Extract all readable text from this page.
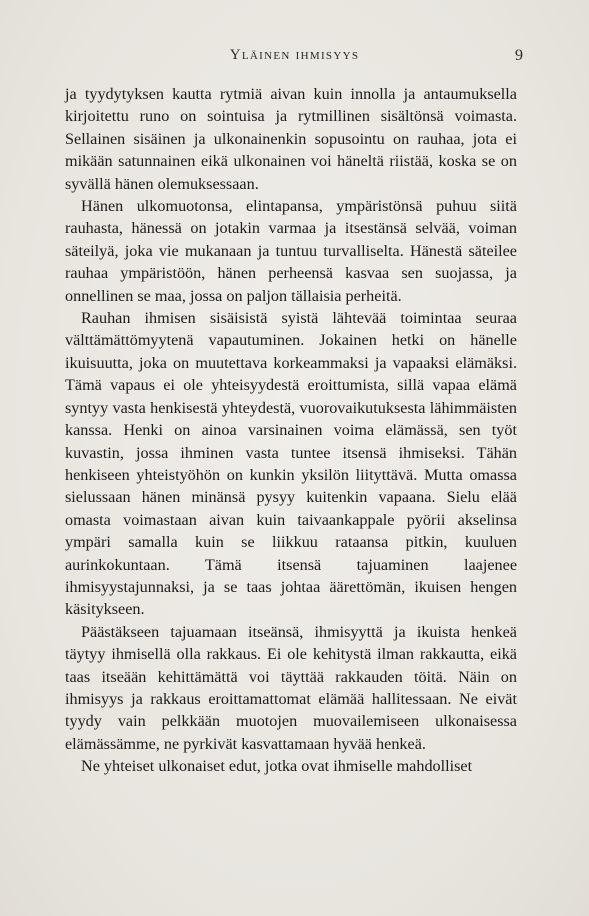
Yläinen ihmisyys	9

ja tyydytyksen kautta rytmiä aivan kuin innolla ja antaumuksella kirjoitettu runo on sointuisa ja rytmillinen sisältönsä voimasta. Sellainen sisäinen ja ulkonainenkin sopusointu on rauhaa, jota ei mikään satunnainen eikä ulkonainen voi häneltä riistää, koska se on syvällä hänen olemuksessaan.

Hänen ulkomuotonsa, elintapansa, ympäristönsä puhuu siitä rauhasta, hänessä on jotakin varmaa ja itsestänsä selvää, voiman säteilyä, joka vie mukanaan ja tuntuu turvalliselta. Hänestä säteilee rauhaa ympäristöön, hänen perheensä kasvaa sen suojassa, ja onnellinen se maa, jossa on paljon tällaisia perheitä.

Rauhan ihmisen sisäisistä syistä lähtevää toimintaa seuraa välttämättömyytenä vapautuminen. Jokainen hetki on hänelle ikuisuutta, joka on muutettava korkeammaksi ja vapaaksi elämäksi. Tämä vapaus ei ole yhteisyydestä eroittumista, sillä vapaa elämä syntyy vasta henkisestä yhteydestä, vuorovaikutuksesta lähimmäisten kanssa. Henki on ainoa varsinainen voima elämässä, sen työt kuvastin, jossa ihminen vasta tuntee itsensä ihmiseksi. Tähän henkiseen yhteistyöhön on kunkin yksilön liityttävä. Mutta omassa sielussaan hänen minänsä pysyy kuitenkin vapaana. Sielu elää omasta voimastaan aivan kuin taivaankappale pyörii akselinsa ympäri samalla kuin se liikkuu rataansa pitkin, kuuluen aurinkokuntaan. Tämä itsensä tajuaminen laajenee ihmisyystajunnaksi, ja se taas johtaa äärettömän, ikuisen hengen käsitykseen.

Päästäkseen tajuamaan itseänsä, ihmisyyttä ja ikuista henkeä täytyy ihmisellä olla rakkaus. Ei ole kehitystä ilman rakkautta, eikä taas itseään kehittämättä voi täyttää rakkauden töitä. Näin on ihmisyys ja rakkaus eroittamattomat elämää hallitessaan. Ne eivät tyydy vain pelkkään muotojen muovailemiseen ulkonaisessa elämässämme, ne pyrkivät kasvattamaan hyvää henkeä.

Ne yhteiset ulkonaiset edut, jotka ovat ihmiselle mahdolliset
